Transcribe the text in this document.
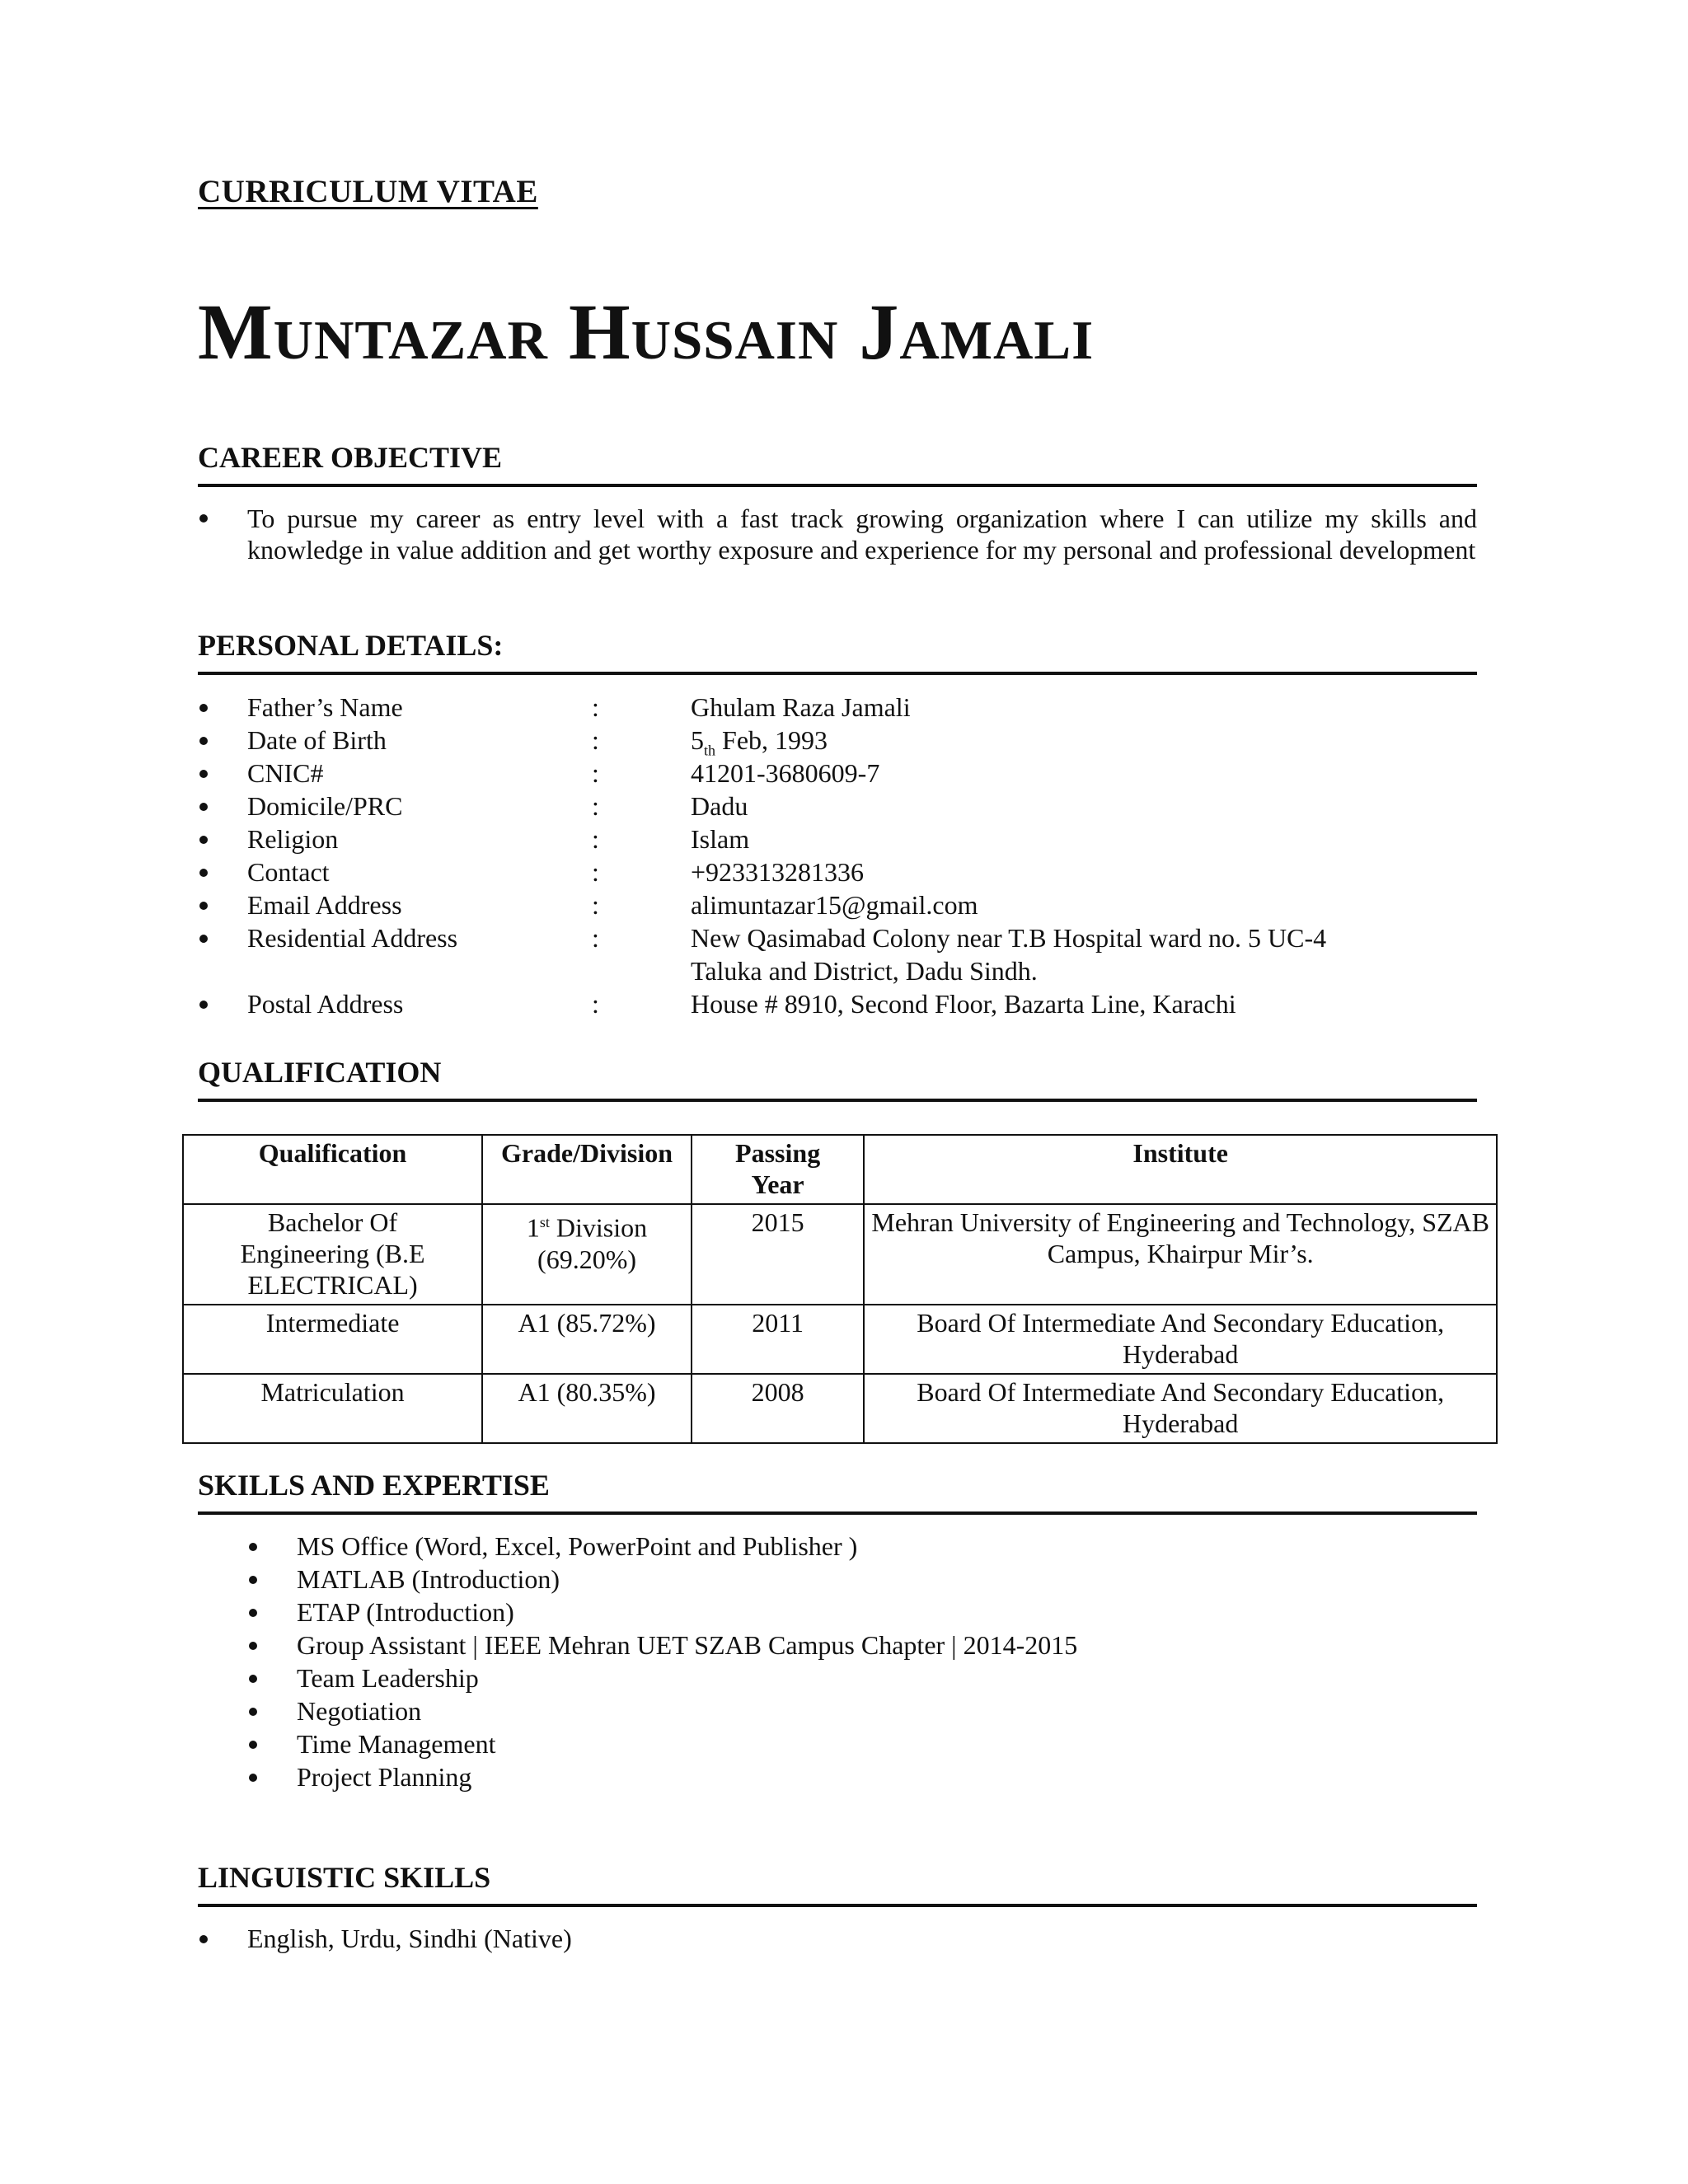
CURRICULUM VITAE
Muntazar Hussain Jamali
CAREER OBJECTIVE
To pursue my career as entry level with a fast track growing organization where I can utilize my skills and knowledge in value addition and get worthy exposure and experience for my personal and professional development
PERSONAL DETAILS:
Father’s Name	:	Ghulam Raza Jamali
Date of Birth	:	$5_{th}$ Feb, 1993
CNIC#	:	41201-3680609-7
Domicile/PRC	:	Dadu
Religion	:	Islam
Contact	:	+923313281336
Email Address	:	alimuntazar15@gmail.com
Residential Address	:	New Qasimabad Colony near T.B Hospital ward no. 5 UC-4
Taluka and District, Dadu Sindh.
Postal Address	:	House # 8910, Second Floor, Bazarta Line, Karachi
QUALIFICATION
Qualification	Grade/Division	Passing Year	Institute

Bachelor Of Engineering (B.E ELECTRICAL)	1st Division (69.20%)	2015	Mehran University of Engineering and Technology, SZAB Campus, Khairpur Mir’s.
Intermediate	A1 (85.72%)	2011	Board Of Intermediate And Secondary Education, Hyderabad

Matriculation	A1 (80.35%)	2008	Board Of Intermediate And Secondary Education, Hyderabad
SKILLS AND EXPERTISE
MS Office (Word, Excel, PowerPoint and Publisher )
MATLAB (Introduction)
ETAP (Introduction)
Group Assistant | IEEE Mehran UET SZAB Campus Chapter | 2014-2015
Team Leadership
Negotiation
Time Management
Project Planning
LINGUISTIC SKILLS
English, Urdu, Sindhi (Native)
